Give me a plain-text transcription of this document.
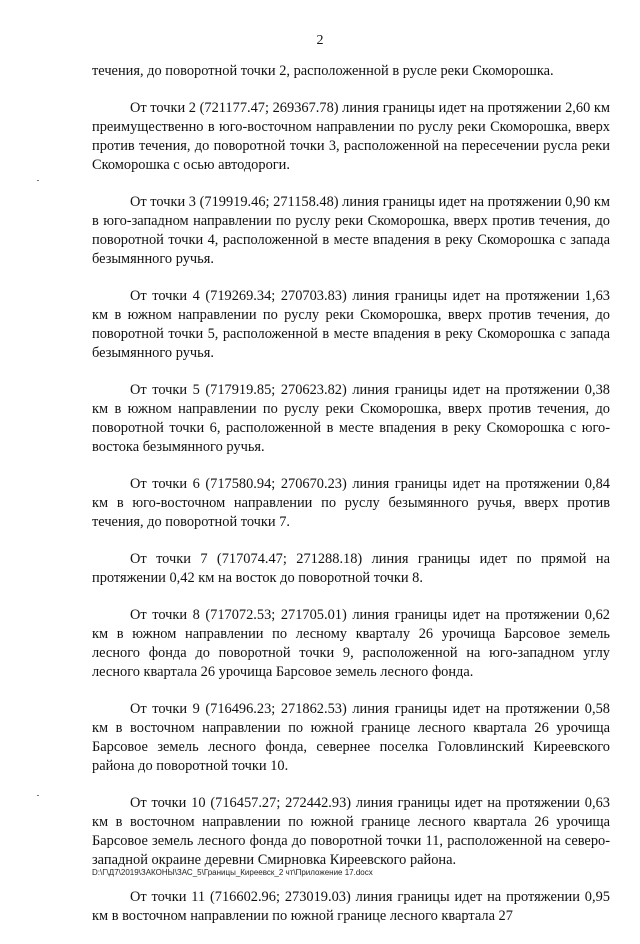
2

течения, до поворотной точки 2, расположенной в русле реки Скоморошка.

От точки 2 (721177.47; 269367.78) линия границы идет на протяжении 2,60 км преимущественно в юго-восточном направлении по руслу реки Скоморошка, вверх против течения, до поворотной точки 3, расположенной на пересечении русла реки Скоморошка с осью автодороги.

От точки 3 (719919.46; 271158.48) линия границы идет на протяжении 0,90 км в юго-западном направлении по руслу реки Скоморошка, вверх против течения, до поворотной точки 4, расположенной в месте впадения в реку Скоморошка с запада безымянного ручья.

От точки 4 (719269.34; 270703.83) линия границы идет на протяжении 1,63 км в южном направлении по руслу реки Скоморошка, вверх против течения, до поворотной точки 5, расположенной в месте впадения в реку Скоморошка с запада безымянного ручья.

От точки 5 (717919.85; 270623.82) линия границы идет на протяжении 0,38 км в южном направлении по руслу реки Скоморошка, вверх против течения, до поворотной точки 6, расположенной в месте впадения в реку Скоморошка с юго-востока безымянного ручья.

От точки 6 (717580.94; 270670.23) линия границы идет на протяжении 0,84 км в юго-восточном направлении по руслу безымянного ручья, вверх против течения, до поворотной точки 7.

От точки 7 (717074.47; 271288.18) линия границы идет по прямой на протяжении 0,42 км на восток до поворотной точки 8.

От точки 8 (717072.53; 271705.01) линия границы идет на протяжении 0,62 км в южном направлении по лесному кварталу 26 урочища Барсовое земель лесного фонда до поворотной точки 9, расположенной на юго-западном углу лесного квартала 26 урочища Барсовое земель лесного фонда.

От точки 9 (716496.23; 271862.53) линия границы идет на протяжении 0,58 км в восточном направлении по южной границе лесного квартала 26 урочища Барсовое земель лесного фонда, севернее поселка Головлинский Киреевского района до поворотной точки 10.

От точки 10 (716457.27; 272442.93) линия границы идет на протяжении 0,63 км в восточном направлении по южной границе лесного квартала 26 урочища Барсовое земель лесного фонда до поворотной точки 11, расположенной на северо-западной окраине деревни Смирновка Киреевского района.

От точки 11 (716602.96; 273019.03) линия границы идет на протяжении 0,95 км в восточном направлении по южной границе лесного квартала 27

D:\Г\Д7\2019\ЗАКОНЫ\ЗАС_5\Границы_Киреевск_2 чт\Приложение 17.docx
